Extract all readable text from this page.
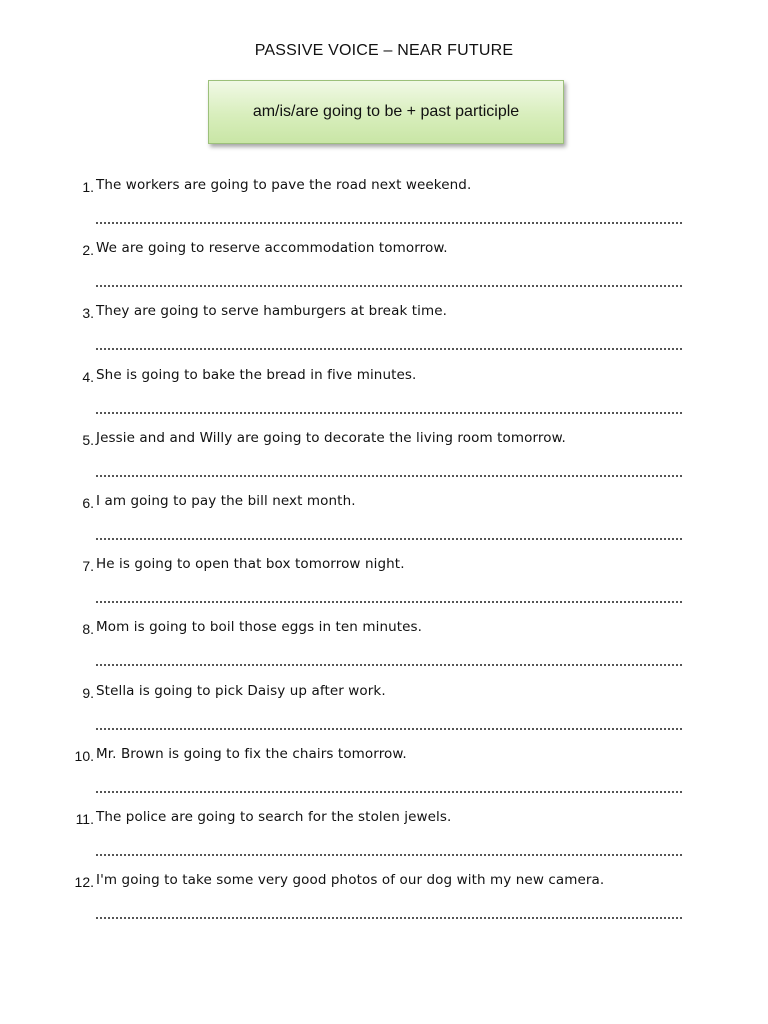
PASSIVE VOICE – NEAR FUTURE
am/is/are going to be + past participle
1. The workers are going to pave the road next weekend.
2. We are going to reserve accommodation tomorrow.
3. They are going to serve hamburgers at break time.
4. She is going to bake the bread in five minutes.
5. Jessie and and Willy are going to decorate the living room tomorrow.
6. I am going to pay the bill next month.
7. He is going to open that box tomorrow night.
8. Mom is going to boil those eggs in ten minutes.
9. Stella is going to pick Daisy up after work.
10. Mr. Brown is going to fix the chairs tomorrow.
11. The police are going to search for the stolen jewels.
12. I'm going to take some very good photos of our dog with my new camera.
